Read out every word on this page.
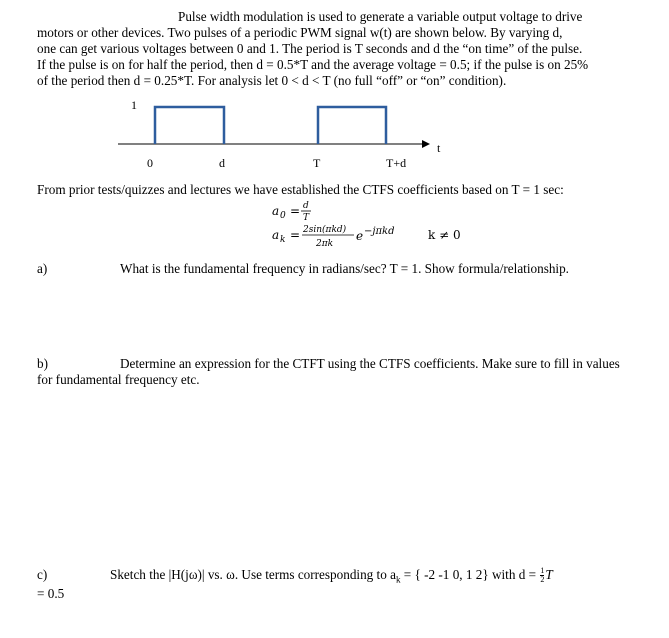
Pulse width modulation is used to generate a variable output voltage to drive
motors or other devices. Two pulses of a periodic PWM signal w(t) are shown below. By varying d,
one can get various voltages between 0 and 1. The period is T seconds and d the “on time” of the pulse.
If the pulse is on for half the period, then d = 0.5*T and the average voltage = 0.5; if the pulse is on 25%
of the period then d = 0.25*T. For analysis let 0 < d < T (no full “off” or “on” condition).
1
t
0	d	T	T+d
From prior tests/quizzes and lectures we have established the CTFS coefficients based on T = 1 sec:
a 0 = d
T
a k = 2sin(πkd)
2πk
e −jπkd	k ≠ 0
a)	What is the fundamental frequency in radians/sec? T = 1. Show formula/relationship.
b)	Determine an expression for the CTFT using the CTFS coefficients. Make sure to fill in values
for fundamental frequency etc.
c)	Sketch the |H(jω)| vs. ω. Use terms corresponding to $a_k$ = { -2 -1 0, 1 2} with $d = \frac{1}{2}$ T
= 0.5
